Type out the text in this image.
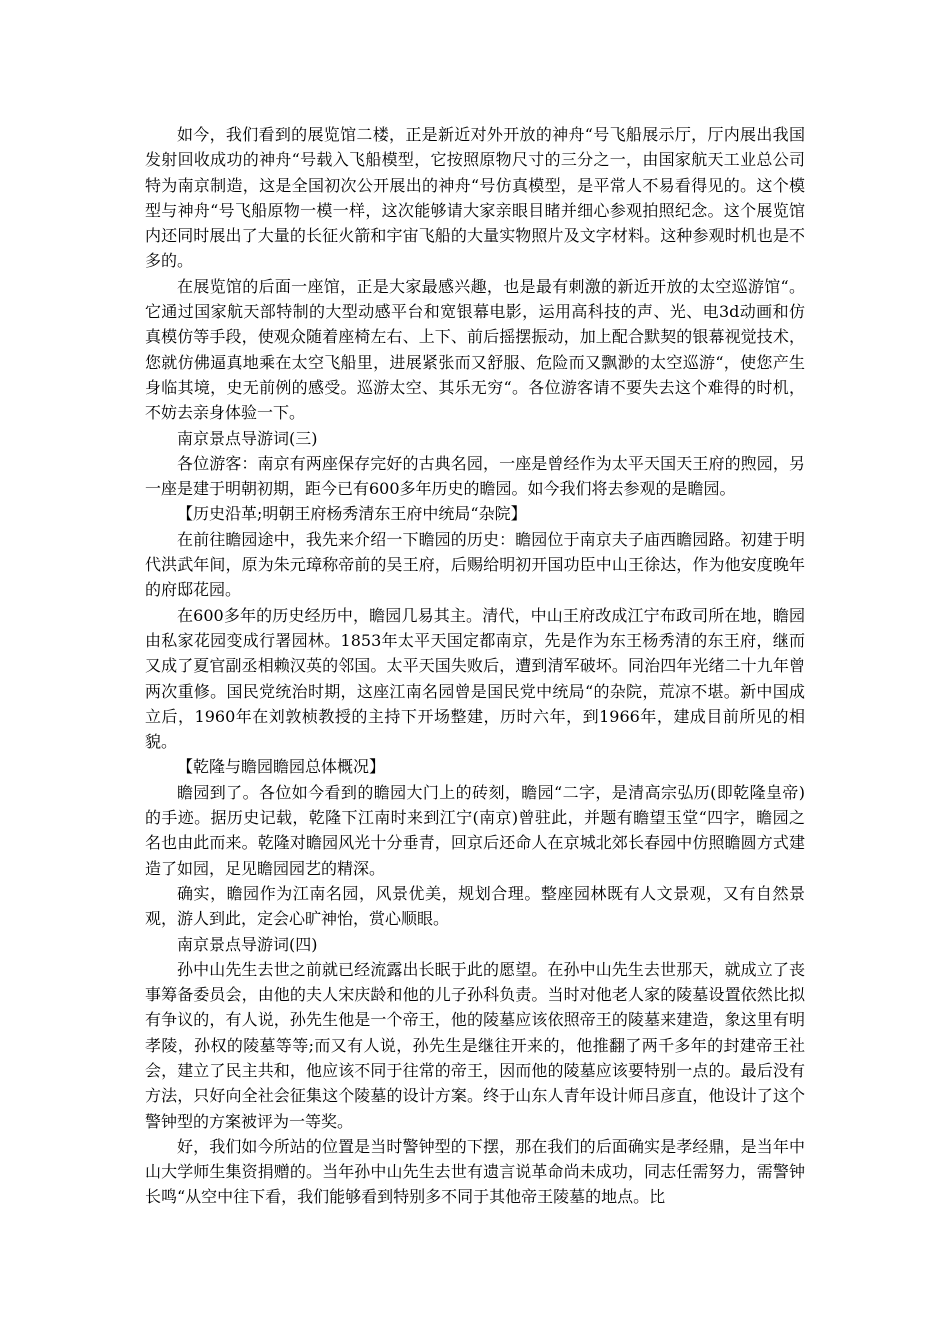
如今，我们看到的展览馆二楼，正是新近对外开放的神舟“号飞船展示厅，厅内展出我国发射回收成功的神舟“号载入飞船模型，它按照原物尺寸的三分之一，由国家航天工业总公司特为南京制造，这是全国初次公开展出的神舟“号仿真模型，是平常人不易看得见的。这个模型与神舟“号飞船原物一模一样，这次能够请大家亲眼目睹并细心参观拍照纪念。这个展览馆内还同时展出了大量的长征火箭和宇宙飞船的大量实物照片及文字材料。这种参观时机也是不多的。

在展览馆的后面一座馆，正是大家最感兴趣，也是最有刺激的新近开放的太空巡游馆“。它通过国家航天部特制的大型动感平台和宽银幕电影，运用高科技的声、光、电3d动画和仿真模仿等手段，使观众随着座椅左右、上下、前后摇摆振动，加上配合默契的银幕视觉技术，您就仿佛逼真地乘在太空飞船里，进展紧张而又舒服、危险而又飘渺的太空巡游“，使您产生身临其境，史无前例的感受。巡游太空、其乐无穷“。各位游客请不要失去这个难得的时机，不妨去亲身体验一下。

南京景点导游词(三)

各位游客：南京有两座保存完好的古典名园，一座是曾经作为太平天国天王府的煦园，另一座是建于明朝初期，距今已有600多年历史的瞻园。如今我们将去参观的是瞻园。

【历史沿革;明朝王府杨秀清东王府中统局“杂院】

在前往瞻园途中，我先来介绍一下瞻园的历史：瞻园位于南京夫子庙西瞻园路。初建于明代洪武年间，原为朱元璋称帝前的吴王府，后赐给明初开国功臣中山王徐达，作为他安度晚年的府邸花园。

在600多年的历史经历中，瞻园几易其主。清代，中山王府改成江宁布政司所在地，瞻园由私家花园变成行署园林。1853年太平天国定都南京，先是作为东王杨秀清的东王府，继而又成了夏官副丞相赖汉英的邻国。太平天国失败后，遭到清军破坏。同治四年光绪二十九年曾两次重修。国民党统治时期，这座江南名园曾是国民党中统局“的杂院，荒凉不堪。新中国成立后，1960年在刘敦桢教授的主持下开场整建，历时六年，到1966年，建成目前所见的相貌。

【乾隆与瞻园瞻园总体概况】

瞻园到了。各位如今看到的瞻园大门上的砖刻，瞻园“二字，是清高宗弘历(即乾隆皇帝)的手迹。据历史记载，乾隆下江南时来到江宁(南京)曾驻此，并题有瞻望玉堂“四字，瞻园之名也由此而来。乾隆对瞻园风光十分垂青，回京后还命人在京城北郊长春园中仿照瞻圆方式建造了如园，足见瞻园园艺的精深。

确实，瞻园作为江南名园，风景优美，规划合理。整座园林既有人文景观，又有自然景观，游人到此，定会心旷神怡，赏心顺眼。

南京景点导游词(四)

孙中山先生去世之前就已经流露出长眠于此的愿望。在孙中山先生去世那天，就成立了丧事筹备委员会，由他的夫人宋庆龄和他的儿子孙科负责。当时对他老人家的陵墓设置依然比拟有争议的，有人说，孙先生他是一个帝王，他的陵墓应该依照帝王的陵墓来建造，象这里有明孝陵，孙权的陵墓等等;而又有人说，孙先生是继往开来的，他推翻了两千多年的封建帝王社会，建立了民主共和，他应该不同于往常的帝王，因而他的陵墓应该要特别一点的。最后没有方法，只好向全社会征集这个陵墓的设计方案。终于山东人青年设计师吕彦直，他设计了这个警钟型的方案被评为一等奖。

好，我们如今所站的位置是当时警钟型的下摆，那在我们的后面确实是孝经鼎，是当年中山大学师生集资捐赠的。当年孙中山先生去世有遗言说革命尚未成功，同志任需努力，需警钟长鸣“从空中往下看，我们能够看到特别多不同于其他帝王陵墓的地点。比
